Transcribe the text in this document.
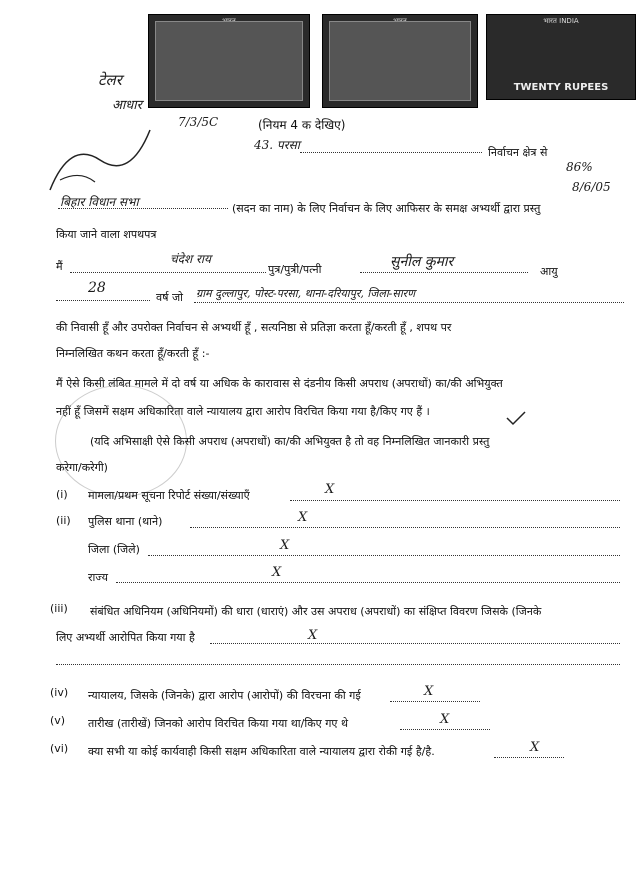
भारत INDIA
TWENTY RUPEES
टेलर
आधार
7/3/5C	(नियम 4 क देखिए)
43. परसा
निर्वाचन क्षेत्र से
86%
8/6/05
बिहार विधान सभा	(सदन का नाम) के लिए निर्वाचन के लिए आफिसर के समक्ष अभ्यर्थी द्वारा प्रस्तु
किया जाने वाला शपथपत्र
मैं
चंदेश राय
पुत्र/पुत्री/पत्नी	सुनील कुमार
आयु
28
वर्ष जो ग्राम दुल्लापुर, पोस्ट-परसा, थाना-दरियापुर, जिला-सारण
की निवासी हूँ और उपरोक्त निर्वाचन से अभ्यर्थी हूँ , सत्यनिष्ठा से प्रतिज्ञा करता हूँ/करती हूँ , शपथ पर
निम्नलिखित कथन करता हूँ/करती हूँ :-
मैं ऐसे किसी लंबित मामले में दो वर्ष या अधिक के कारावास से दंडनीय किसी अपराध (अपराधों) का/की अभियुक्त
नहीं हूँ जिसमें सक्षम अधिकारिता वाले न्यायालय द्वारा आरोप विरचित किया गया है/किए गए हैं ।
(यदि अभिसाक्षी ऐसे किसी अपराध (अपराधों) का/की अभियुक्त है तो वह निम्नलिखित जानकारी प्रस्तु
करेगा/करेगी)
(i) मामला/प्रथम सूचना रिपोर्ट संख्या/संख्याएँ	X
(ii) पुलिस थाना (थाने)	X
जिला (जिले)	X
राज्य	X
(iii) संबंधित अधिनियम (अधिनियमों) की धारा (धाराएं) और उस अपराध (अपराधों) का संक्षिप्त विवरण जिसके (जिनके
लिए अभ्यर्थी आरोपित किया गया है	X
(iv) न्यायालय, जिसके (जिनके) द्वारा आरोप (आरोपों) की विरचना की गई	X
(v) तारीख (तारीखें) जिनको आरोप विरचित किया गया था/किए गए थे	X
(vi) क्या सभी या कोई कार्यवाही किसी सक्षम अधिकारिता वाले न्यायालय द्वारा रोकी गई है/है.	X
